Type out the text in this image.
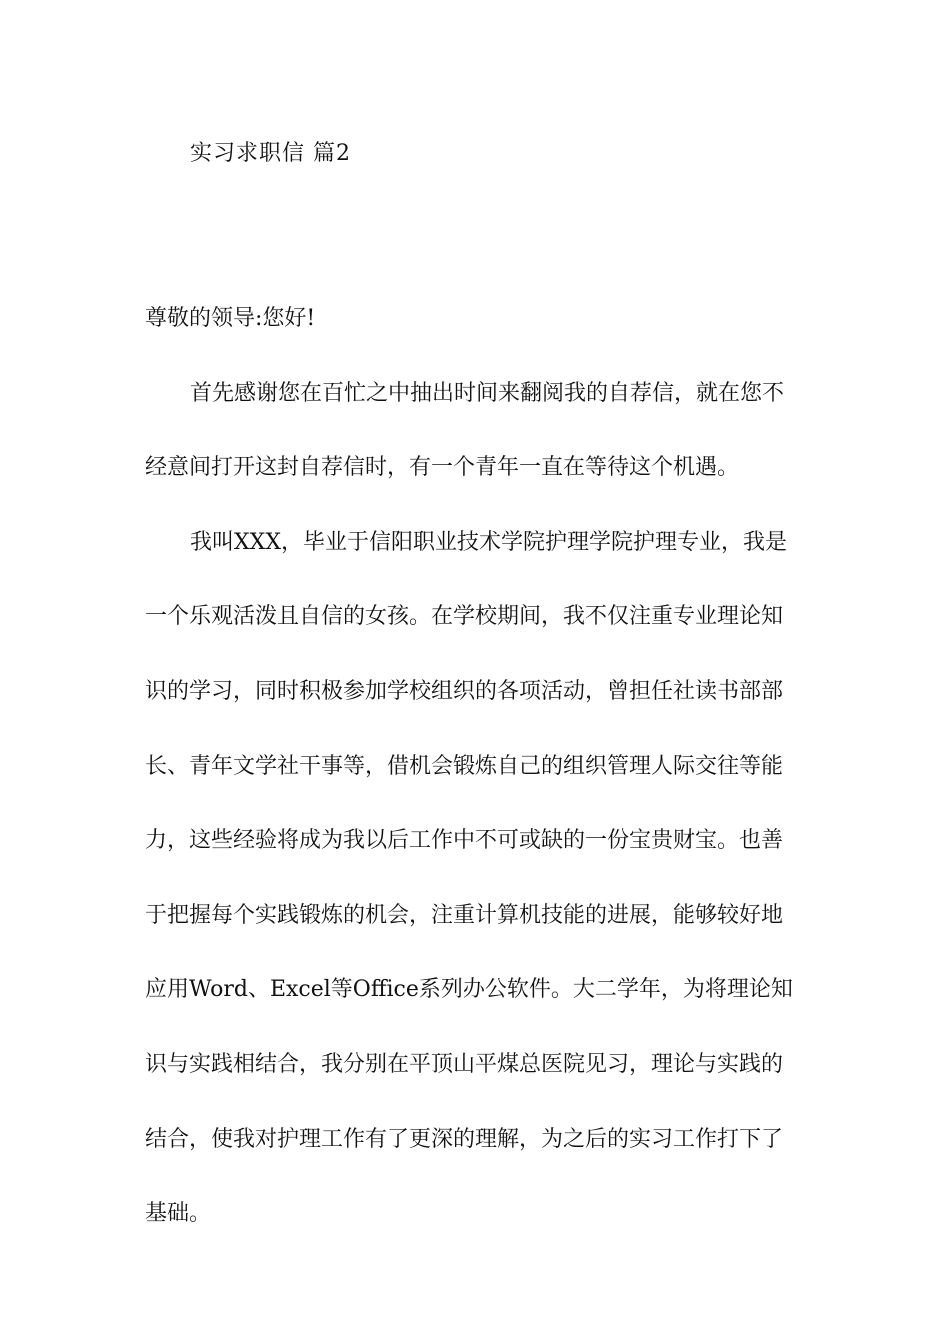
实习求职信 篇2
尊敬的领导:您好!
首先感谢您在百忙之中抽出时间来翻阅我的自荐信，就在您不
经意间打开这封自荐信时，有一个青年一直在等待这个机遇。
我叫XXX，毕业于信阳职业技术学院护理学院护理专业，我是
一个乐观活泼且自信的女孩。在学校期间，我不仅注重专业理论知
识的学习，同时积极参加学校组织的各项活动，曾担任社读书部部
长、青年文学社干事等，借机会锻炼自己的组织管理人际交往等能
力，这些经验将成为我以后工作中不可或缺的一份宝贵财宝。也善
于把握每个实践锻炼的机会，注重计算机技能的进展，能够较好地
应用Word、Excel等Office系列办公软件。大二学年，为将理论知
识与实践相结合，我分别在平顶山平煤总医院见习，理论与实践的
结合，使我对护理工作有了更深的理解，为之后的实习工作打下了
基础。
